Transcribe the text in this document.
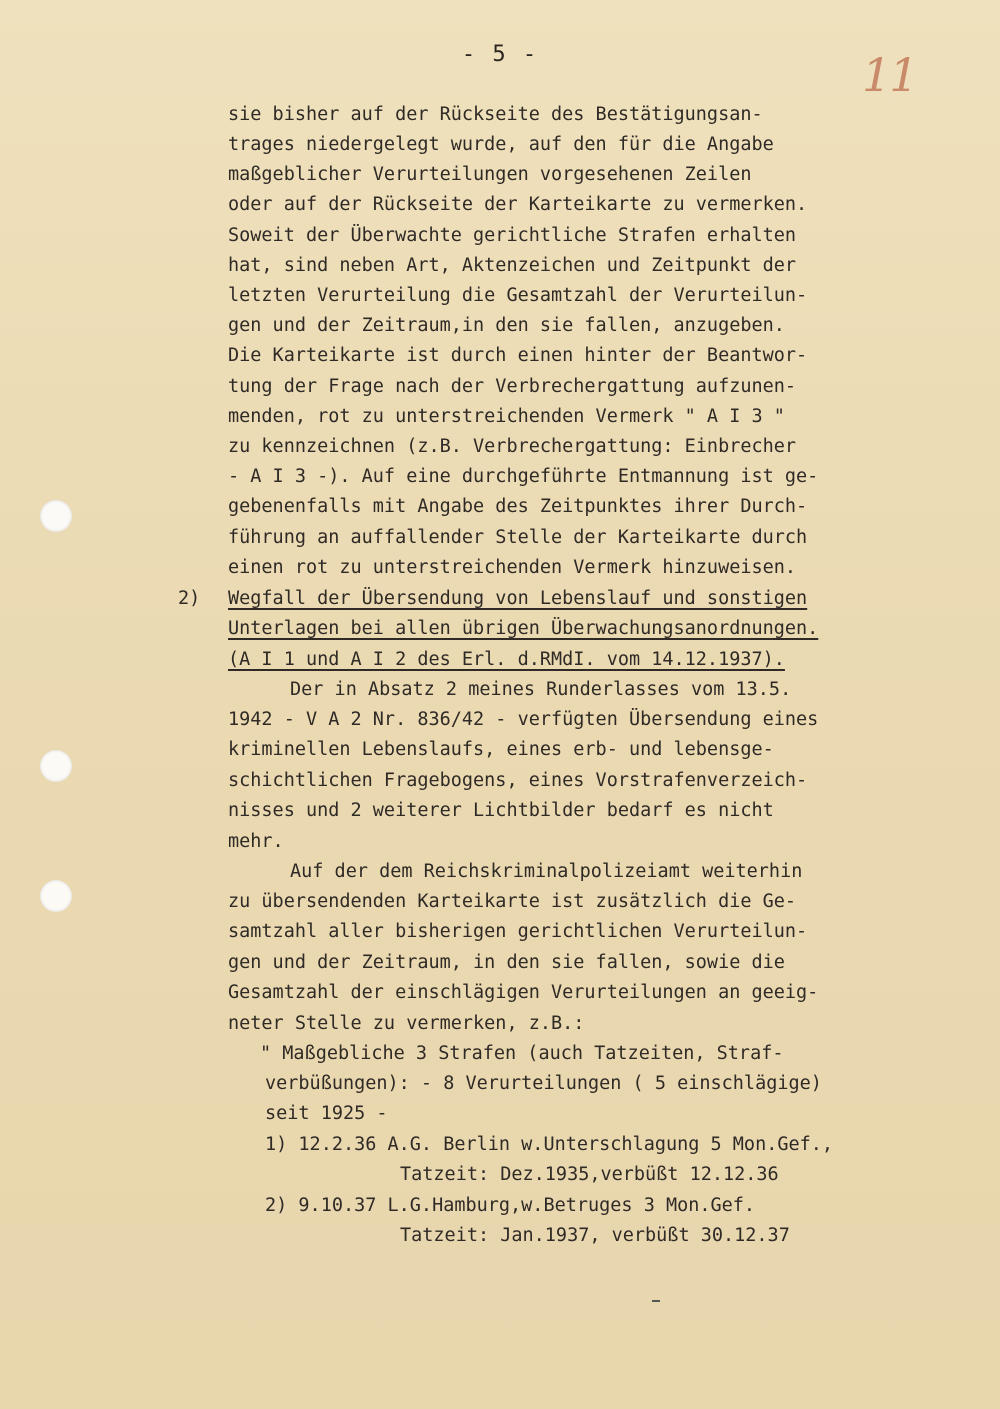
- 5 -	11

sie bisher auf der Rückseite des Bestätigungsan-

trages niedergelegt wurde, auf den für die Angabe

maßgeblicher Verurteilungen vorgesehenen Zeilen

oder auf der Rückseite der Karteikarte zu vermerken.

Soweit der Überwachte gerichtliche Strafen erhalten

hat, sind neben Art, Aktenzeichen und Zeitpunkt der

letzten Verurteilung die Gesamtzahl der Verurteilun-

gen und der Zeitraum,in den sie fallen, anzugeben.

Die Karteikarte ist durch einen hinter der Beantwor-

tung der Frage nach der Verbrechergattung aufzunen-

menden, rot zu unterstreichenden Vermerk " A I 3 "

zu kennzeichnen (z.B. Verbrechergattung: Einbrecher

- A I 3 -). Auf eine durchgeführte Entmannung ist ge-

gebenenfalls mit Angabe des Zeitpunktes ihrer Durch-

führung an auffallender Stelle der Karteikarte durch

einen rot zu unterstreichenden Vermerk hinzuweisen.

2)

Wegfall der Übersendung von Lebenslauf und sonstigen

Unterlagen bei allen übrigen Überwachungsanordnungen.

(A I 1 und A I 2 des Erl. d.RMdI. vom 14.12.1937).

Der in Absatz 2 meines Runderlasses vom 13.5.

1942 - V A 2 Nr. 836/42 - verfügten Übersendung eines

kriminellen Lebenslaufs, eines erb- und lebensge-

schichtlichen Fragebogens, eines Vorstrafenverzeich-

nisses und 2 weiterer Lichtbilder bedarf es nicht

mehr.

Auf der dem Reichskriminalpolizeiamt weiterhin

zu übersendenden Karteikarte ist zusätzlich die Ge-

samtzahl aller bisherigen gerichtlichen Verurteilun-

gen und der Zeitraum, in den sie fallen, sowie die

Gesamtzahl der einschlägigen Verurteilungen an geeig-

neter Stelle zu vermerken, z.B.:

" Maßgebliche 3 Strafen (auch Tatzeiten, Straf-

verbüßungen): - 8 Verurteilungen ( 5 einschlägige)

seit 1925 -

1) 12.2.36 A.G. Berlin w.Unterschlagung 5 Mon.Gef.,

Tatzeit: Dez.1935,verbüßt 12.12.36

2) 9.10.37 L.G.Hamburg,w.Betruges 3 Mon.Gef.

Tatzeit: Jan.1937, verbüßt 30.12.37
